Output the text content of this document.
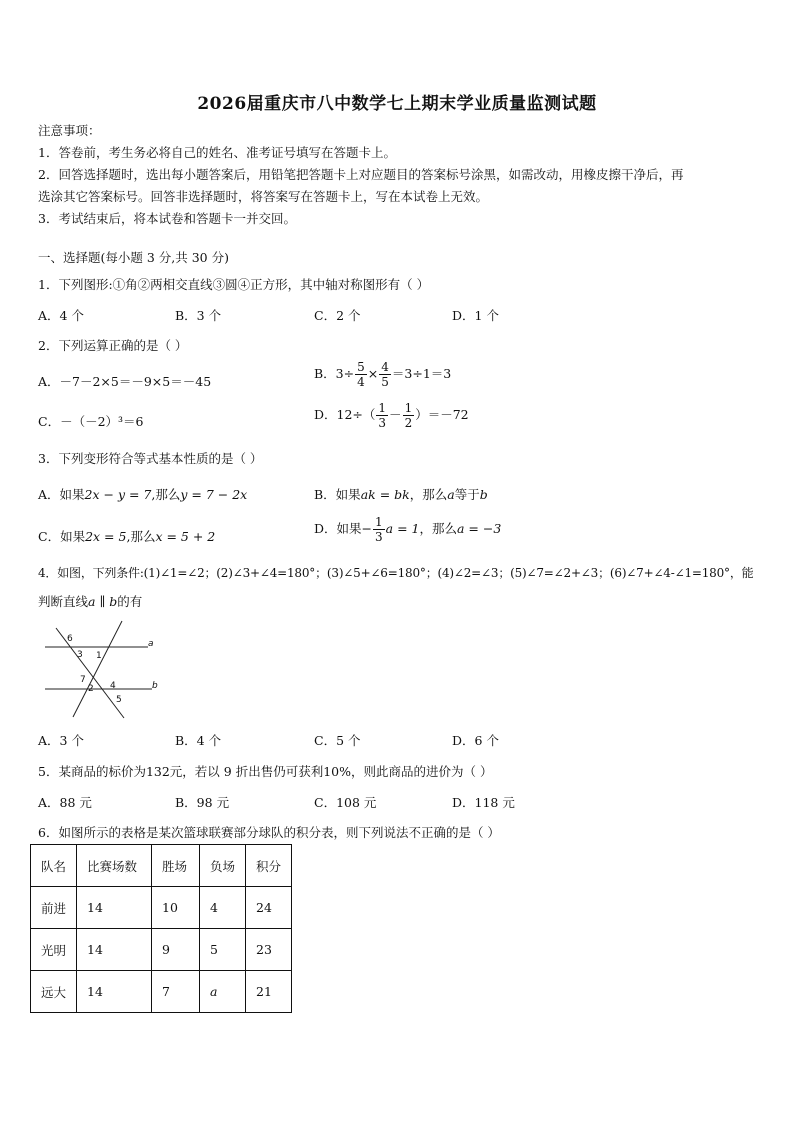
2026届重庆市八中数学七上期末学业质量监测试题
注意事项：
1．答卷前，考生务必将自己的姓名、准考证号填写在答题卡上。
2．回答选择题时，选出每小题答案后，用铅笔把答题卡上对应题目的答案标号涂黑，如需改动，用橡皮擦干净后，再
选涂其它答案标号。回答非选择题时，将答案写在答题卡上，写在本试卷上无效。
3．考试结束后，将本试卷和答题卡一并交回。
一、选择题(每小题 3 分,共 30 分)
1．下列图形:①角②两相交直线③圆④正方形，其中轴对称图形有（ ）
A．4 个	B．3 个	C．2 个	D．1 个
2．下列运算正确的是（ ）
A．－7－2×5＝－9×5＝－45
B．$3\div \frac{5}{4} \times \frac{4}{5} =3\div 1=3$
C．－（－2）³＝6	D．$12\div( \frac{1}{3} - \frac{1}{2} )=-72$
3．下列变形符合等式基本性质的是（ ）
A．如果2x − y = 7,那么y = 7 − 2x	B．如果ak = bk，那么a等于b
C．如果2x = 5,那么x = 5 + 2
D．如果− $\frac{1}{3}$ a = 1，那么a = −3
4．如图，下列条件:(1)∠1=∠2；(2)∠3+∠4=180°；(3)∠5+∠6=180°；(4)∠2=∠3；(5)∠7=∠2+∠3；(6)∠7+∠4-∠1=180°，能
判断直线a ∥ b的有
6
3 1
a
7
2 4	b
5
A．3 个	B．4 个	C．5 个	D．6 个
5．某商品的标价为132元，若以 9 折出售仍可获利10%，则此商品的进价为（ ）
A．88 元	B．98 元	C．108 元	D．118 元
6．如图所示的表格是某次篮球联赛部分球队的积分表，则下列说法不正确的是（ ）
队名	比赛场数	胜场	负场	积分
前进	14	10	4	24
光明	14	9	5	23
远大	14	7	a	21
